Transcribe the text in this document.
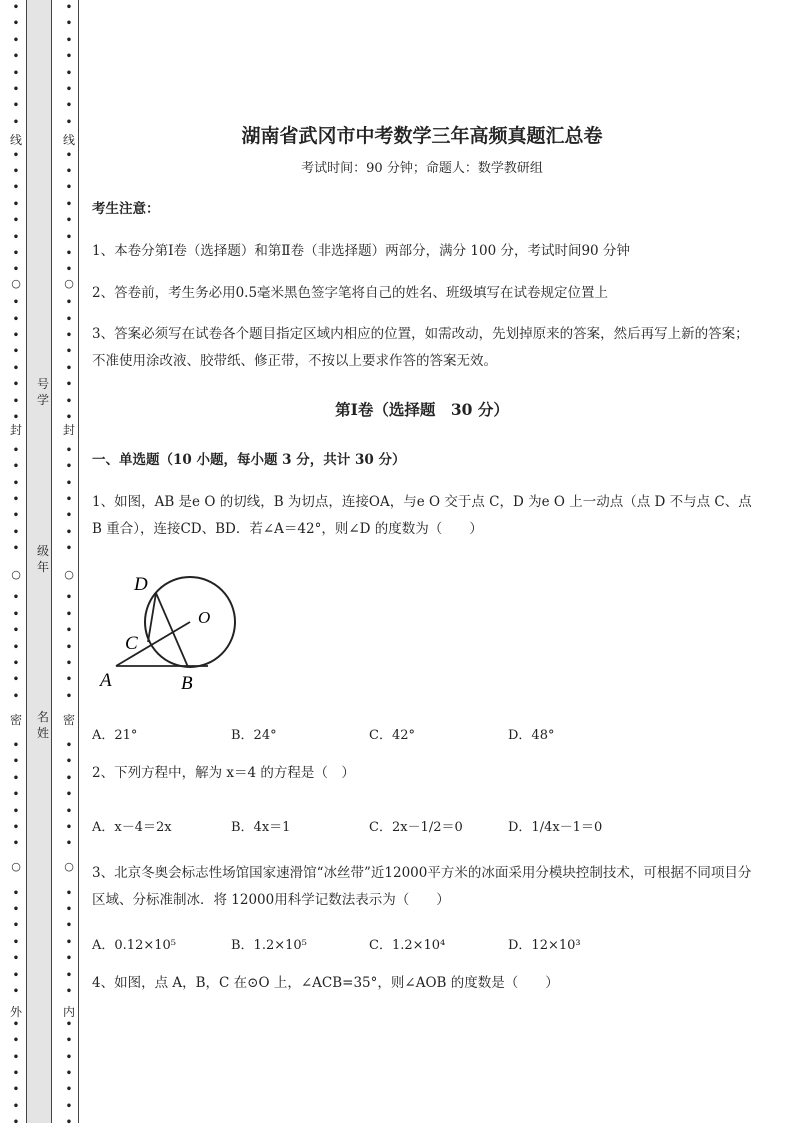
线
○
封
○
密
○
外
•
•
•
•
•
•
•
•
•
•
•
•
•
•
•
•
•
•
•
•
•
•
•
•
•
•
•
•
•
•
•
•
•
•
•
•
•
•
•
•
•
•
•
•
•
•
•
•
•
•
•
•
•
•
•
•
•
•
•
线
○
封
○
密
○
内
•
•
•
•
•
•
•
•
•
•
•
•
•
•
•
•
•
•
•
•
•
•
•
•
•
•
•
•
•
•
•
•
•
•
•
•
•
•
•
•
•
•
•
•
•
•
•
•
•
•
•
•
•
•
•
•
•
•
•
号
学
级
年
名
姓
湖南省武冈市中考数学三年高频真题汇总卷
考试时间：90 分钟；命题人：数学教研组
考生注意：
1、本卷分第Ⅰ卷（选择题）和第Ⅱ卷（非选择题）两部分，满分 100 分，考试时间90 分钟
2、答卷前，考生务必用0.5毫米黑色签字笔将自己的姓名、班级填写在试卷规定位置上
3、答案必须写在试卷各个题目指定区域内相应的位置，如需改动，先划掉原来的答案，然后再写上新的答案；不准使用涂改液、胶带纸、修正带，不按以上要求作答的答案无效。
第Ⅰ卷（选择题　30 分）
一、单选题（10 小题，每小题 3 分，共计 30 分）
1、如图，AB 是e O 的切线，B 为切点，连接OA，与e O 交于点 C，D 为e O 上一动点（点 D 不与点 C、点 B 重合），连接CD、BD．若∠A＝42°，则∠D 的度数为（　　）
A．21°	B．24°	C．42°	D．48°
2、下列方程中，解为 x＝4 的方程是（　）
A．x－4＝2x	B．4x＝1	C．2x－1/2＝0	D．1/4x－1＝0
3、北京冬奥会标志性场馆国家速滑馆“冰丝带”近12000平方米的冰面采用分模块控制技术，可根据不同项目分区域、分标准制冰．将 12000用科学记数法表示为（　　）
A．0.12×10⁵	B．1.2×10⁵	C．1.2×10⁴	D．12×10³
4、如图，点 A，B，C 在⊙O 上，∠ACB=35°，则∠AOB 的度数是（　　）
D
C
O
A	B
